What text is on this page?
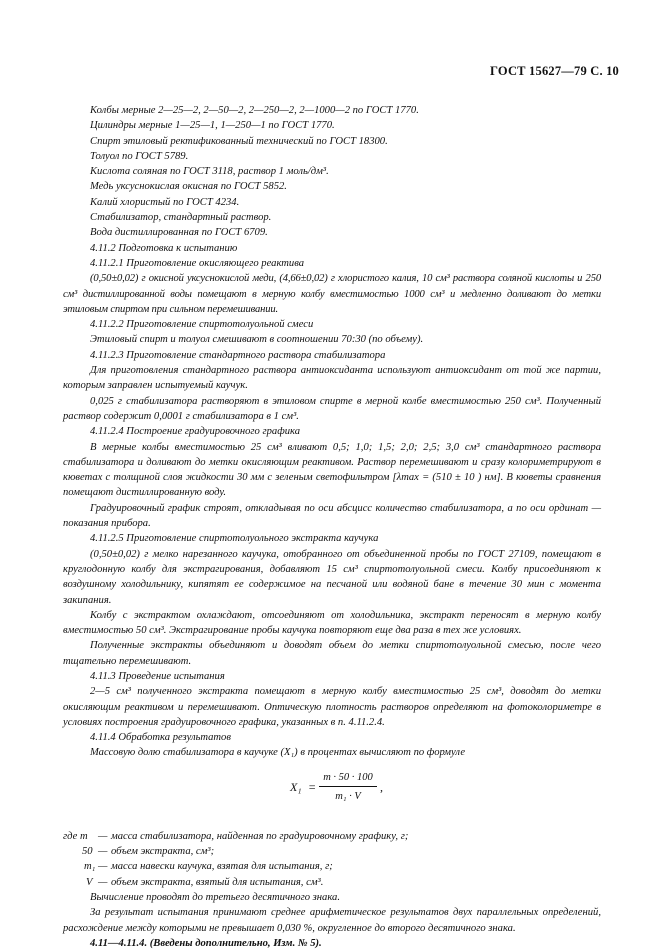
ГОСТ 15627—79 С. 10

Колбы мерные 2—25—2, 2—50—2, 2—250—2, 2—1000—2 по ГОСТ 1770.

Цилиндры мерные 1—25—1, 1—250—1 по ГОСТ 1770.

Спирт этиловый ректификованный технический по ГОСТ 18300.

Толуол по ГОСТ 5789.

Кислота соляная по ГОСТ 3118, раствор 1 моль/дм³.

Медь уксуснокислая окисная по ГОСТ 5852.

Калий хлористый по ГОСТ 4234.

Стабилизатор, стандартный раствор.

Вода дистиллированная по ГОСТ 6709.

4.11.2 Подготовка к испытанию

4.11.2.1 Приготовление окисляющего реактива

(0,50±0,02) г окисной уксуснокислой меди, (4,66±0,02) г хлористого калия, 10 см³ раствора соляной кислоты и 250 см³ дистиллированной воды помещают в мерную колбу вместимостью 1000 см³ и медленно доливают до метки этиловым спиртом при сильном перемешивании.

4.11.2.2 Приготовление спиртотолуольной смеси

Этиловый спирт и толуол смешивают в соотношении 70:30 (по объему).

4.11.2.3 Приготовление стандартного раствора стабилизатора

Для приготовления стандартного раствора антиоксиданта используют антиоксидант от той же партии, которым заправлен испытуемый каучук.

0,025 г стабилизатора растворяют в этиловом спирте в мерной колбе вместимостью 250 см³. Полученный раствор содержит 0,0001 г стабилизатора в 1 см³.

4.11.2.4 Построение градуировочного графика

В мерные колбы вместимостью 25 см³ вливают 0,5; 1,0; 1,5; 2,0; 2,5; 3,0 см³ стандартного раствора стабилизатора и доливают до метки окисляющим реактивом. Раствор перемешивают и сразу колориметрируют в кюветах с толщиной слоя жидкости 30 мм с зеленым светофильтром [λmax = (510 ± 10 ) нм]. В кюветы сравнения помещают дистиллированную воду.

Градуировочный график строят, откладывая по оси абсцисс количество стабилизатора, а по оси ординат — показания прибора.

4.11.2.5 Приготовление спиртотолуольного экстракта каучука

(0,50±0,02) г мелко нарезанного каучука, отобранного от объединенной пробы по ГОСТ 27109, помещают в круглодонную колбу для экстрагирования, добавляют 15 см³ спиртотолуольной смеси. Колбу присоединяют к воздушному холодильнику, кипятят ее содержимое на песчаной или водяной бане в течение 30 мин с момента закипания.

Колбу с экстрактом охлаждают, отсоединяют от холодильника, экстракт переносят в мерную колбу вместимостью 50 см³. Экстрагирование пробы каучука повторяют еще два раза в тех же условиях.

Полученные экстракты объединяют и доводят объем до метки спиртотолуольной смесью, после чего тщательно перемешивают.

4.11.3 Проведение испытания

2—5 см³ полученного экстракта помещают в мерную колбу вместимостью 25 см³, доводят до метки окисляющим реактивом и перемешивают. Оптическую плотность растворов определяют на фотоколориметре в условиях построения градуировочного графика, указанных в п. 4.11.2.4.

4.11.4 Обработка результатов

Массовую долю стабилизатора в каучуке (X₁) в процентах вычисляют по формуле

X₁ =
m · 50 · 100
m₁ · V
,
где m — масса стабилизатора, найденная по градуировочному графику, г;
50 — объем экстракта, см³;
m₁ — масса навески каучука, взятая для испытания, г;
V — объем экстракта, взятый для испытания, см³.

Вычисление проводят до третьего десятичного знака.

За результат испытания принимают среднее арифметическое результатов двух параллельных определений, расхождение между которыми не превышает 0,030 %, округленное до второго десятичного знака.

4.11—4.11.4. (Введены дополнительно, Изм. № 5).
